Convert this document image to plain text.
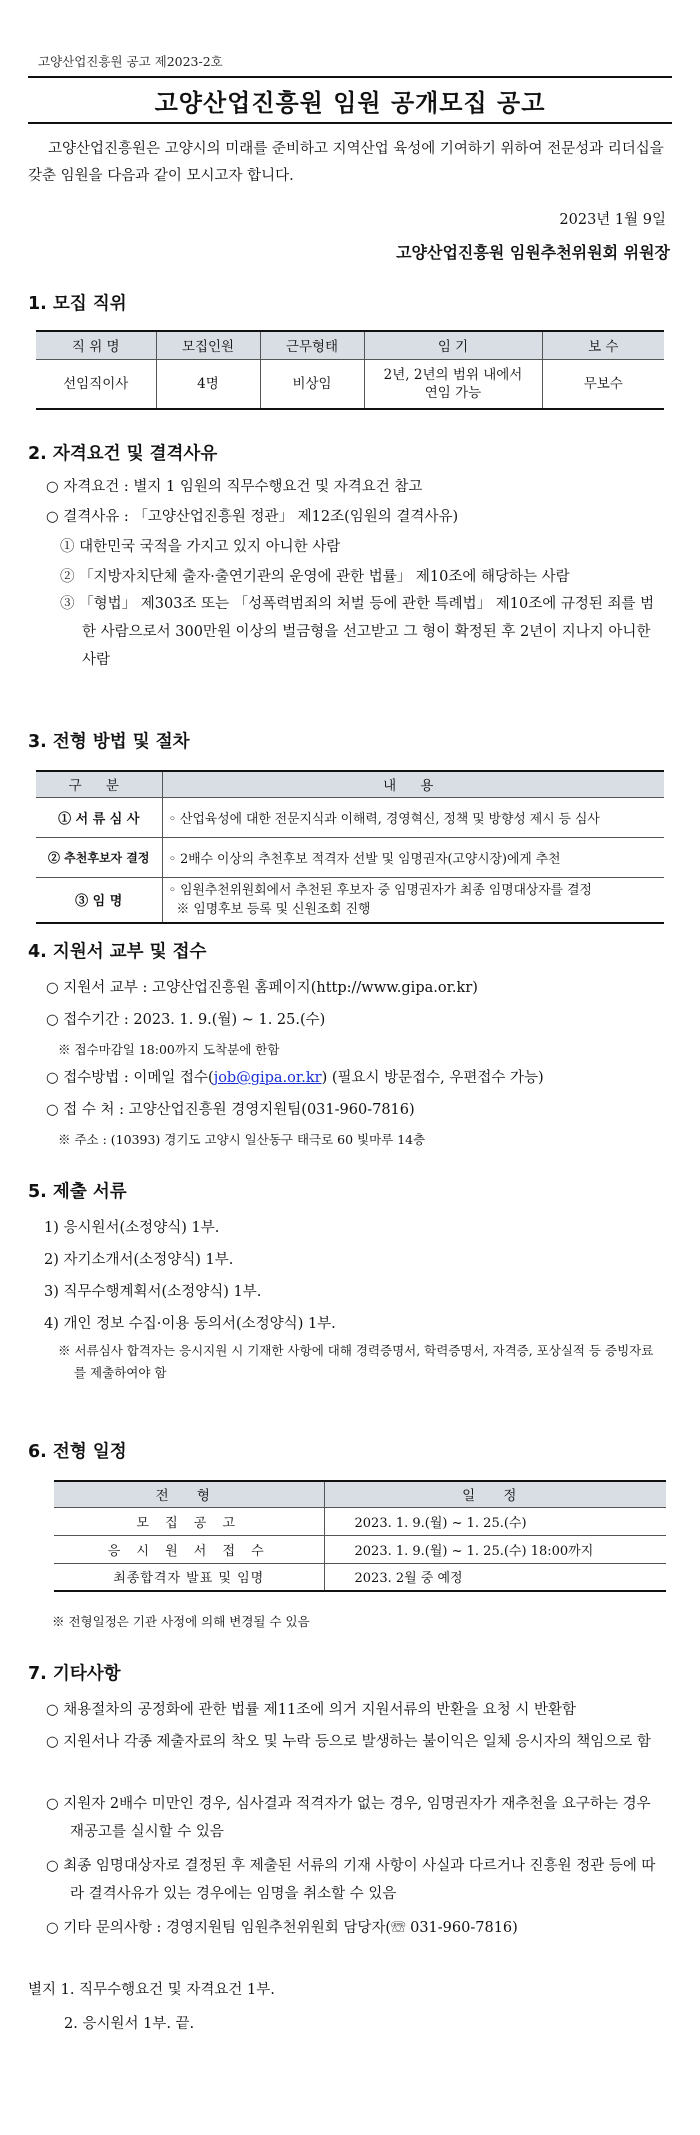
고양산업진흥원 공고 제2023-2호
고양산업진흥원 임원 공개모집 공고
고양산업진흥원은 고양시의 미래를 준비하고 지역산업 육성에 기여하기 위하여 전문성과 리더십을 갖춘 임원을 다음과 같이 모시고자 합니다.
2023년 1월 9일
고양산업진흥원 임원추천위원회 위원장
1. 모집 직위
직 위 명	모집인원	근무형태	임 기	보 수
선임직이사	4명	비상임	2년, 2년의 범위 내에서 연임 가능	무보수
2. 자격요건 및 결격사유
○ 자격요건 : 별지 1 임원의 직무수행요건 및 자격요건 참고
○ 결격사유 : 「고양산업진흥원 정관」 제12조(임원의 결격사유)
① 대한민국 국적을 가지고 있지 아니한 사람
② 「지방자치단체 출자·출연기관의 운영에 관한 법률」 제10조에 해당하는 사람
③ 「형법」 제303조 또는 「성폭력범죄의 처벌 등에 관한 특례법」 제10조에 규정된 죄를 범한 사람으로서 300만원 이상의 벌금형을 선고받고 그 형이 확정된 후 2년이 지나지 아니한 사람
3. 전형 방법 및 절차
구 분	내 용
① 서 류 심 사	◦ 산업육성에 대한 전문지식과 이해력, 경영혁신, 정책 및 방향성 제시 등 심사
② 추천후보자 결정	◦ 2배수 이상의 추천후보 적격자 선발 및 임명권자(고양시장)에게 추천
③ 임 명	◦ 임원추천위원회에서 추천된 후보자 중 임명권자가 최종 임명대상자를 결정
※ 임명후보 등록 및 신원조회 진행
4. 지원서 교부 및 접수
○ 지원서 교부 : 고양산업진흥원 홈페이지(http://www.gipa.or.kr)
○ 접수기간 : 2023. 1. 9.(월) ~ 1. 25.(수)
※ 접수마감일 18:00까지 도착분에 한함
○ 접수방법 : 이메일 접수(job@gipa.or.kr) (필요시 방문접수, 우편접수 가능)
○ 접 수 처 : 고양산업진흥원 경영지원팀(031-960-7816)
※ 주소 : (10393) 경기도 고양시 일산동구 태극로 60 빛마루 14층
5. 제출 서류
1) 응시원서(소정양식) 1부.
2) 자기소개서(소정양식) 1부.
3) 직무수행계획서(소정양식) 1부.
4) 개인 정보 수집·이용 동의서(소정양식) 1부.
※ 서류심사 합격자는 응시지원 시 기재한 사항에 대해 경력증명서, 학력증명서, 자격증, 포상실적 등 증빙자료를 제출하여야 함
6. 전형 일정
전 형	일 정
모 집 공 고	2023. 1. 9.(월) ~ 1. 25.(수)
응 시 원 서 접 수	2023. 1. 9.(월) ~ 1. 25.(수) 18:00까지
최종합격자 발표 및 임명	2023. 2월 중 예정
※ 전형일정은 기관 사정에 의해 변경될 수 있음
7. 기타사항
○ 채용절차의 공정화에 관한 법률 제11조에 의거 지원서류의 반환을 요청 시 반환함
○ 지원서나 각종 제출자료의 착오 및 누락 등으로 발생하는 불이익은 일체 응시자의 책임으로 함
○ 지원자 2배수 미만인 경우, 심사결과 적격자가 없는 경우, 임명권자가 재추천을 요구하는 경우 재공고를 실시할 수 있음
○ 최종 임명대상자로 결정된 후 제출된 서류의 기재 사항이 사실과 다르거나 진흥원 정관 등에 따라 결격사유가 있는 경우에는 임명을 취소할 수 있음
○ 기타 문의사항 : 경영지원팀 임원추천위원회 담당자(☏ 031-960-7816)
별지 1. 직무수행요건 및 자격요건 1부.
2. 응시원서 1부. 끝.
